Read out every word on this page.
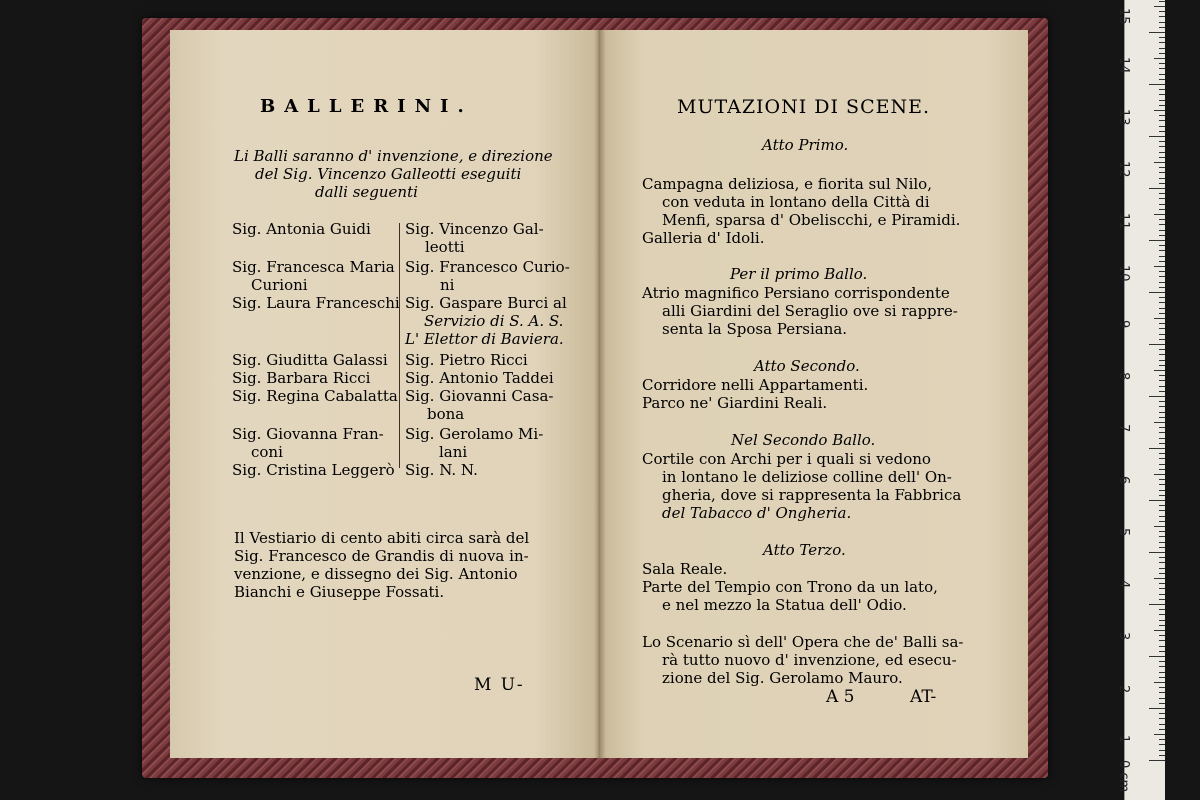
BALLERINI.
Li Balli saranno d' invenzione, e direzione
del Sig. Vincenzo Galleotti eseguiti
dalli seguenti
Sig. Antonia Guidi
Sig. Francesca Maria
Curioni
Sig. Laura Franceschi
Sig. Giuditta Galassi
Sig. Barbara Ricci
Sig. Regina Cabalatta
Sig. Giovanna Fran-
coni
Sig. Cristina Leggerò
Sig. Vincenzo Gal-
leotti
Sig. Francesco Curio-
ni
Sig. Gaspare Burci al
Servizio di S. A. S.
L' Elettor di Baviera.
Sig. Pietro Ricci
Sig. Antonio Taddei
Sig. Giovanni Casa-
bona
Sig. Gerolamo Mi-
lani
Sig. N. N.
Il Vestiario di cento abiti circa sarà del
Sig. Francesco de Grandis di nuova in-
venzione, e dissegno dei Sig. Antonio
Bianchi e Giuseppe Fossati.
M U-
MUTAZIONI DI SCENE.
Atto Primo.
Campagna deliziosa, e fiorita sul Nilo,
con veduta in lontano della Città di
Menfi, sparsa d' Obeliscchi, e Piramidi.
Galleria d' Idoli.
Per il primo Ballo.
Atrio magnifico Persiano corrispondente
alli Giardini del Seraglio ove si rappre-
senta la Sposa Persiana.
Atto Secondo.
Corridore nelli Appartamenti.
Parco ne' Giardini Reali.
Nel Secondo Ballo.
Cortile con Archi per i quali si vedono
in lontano le deliziose colline dell' On-
gheria, dove si rappresenta la Fabbrica
del Tabacco d' Ongheria.
Atto Terzo.
Sala Reale.
Parte del Tempio con Trono da un lato,
e nel mezzo la Statua dell' Odio.
Lo Scenario sì dell' Opera che de' Balli sa-
rà tutto nuovo d' invenzione, ed esecu-
zione del Sig. Gerolamo Mauro.
A 5	AT-
0 cm
1
2
3
4
5
6
7
8
9
10
11
12
13
14
15
